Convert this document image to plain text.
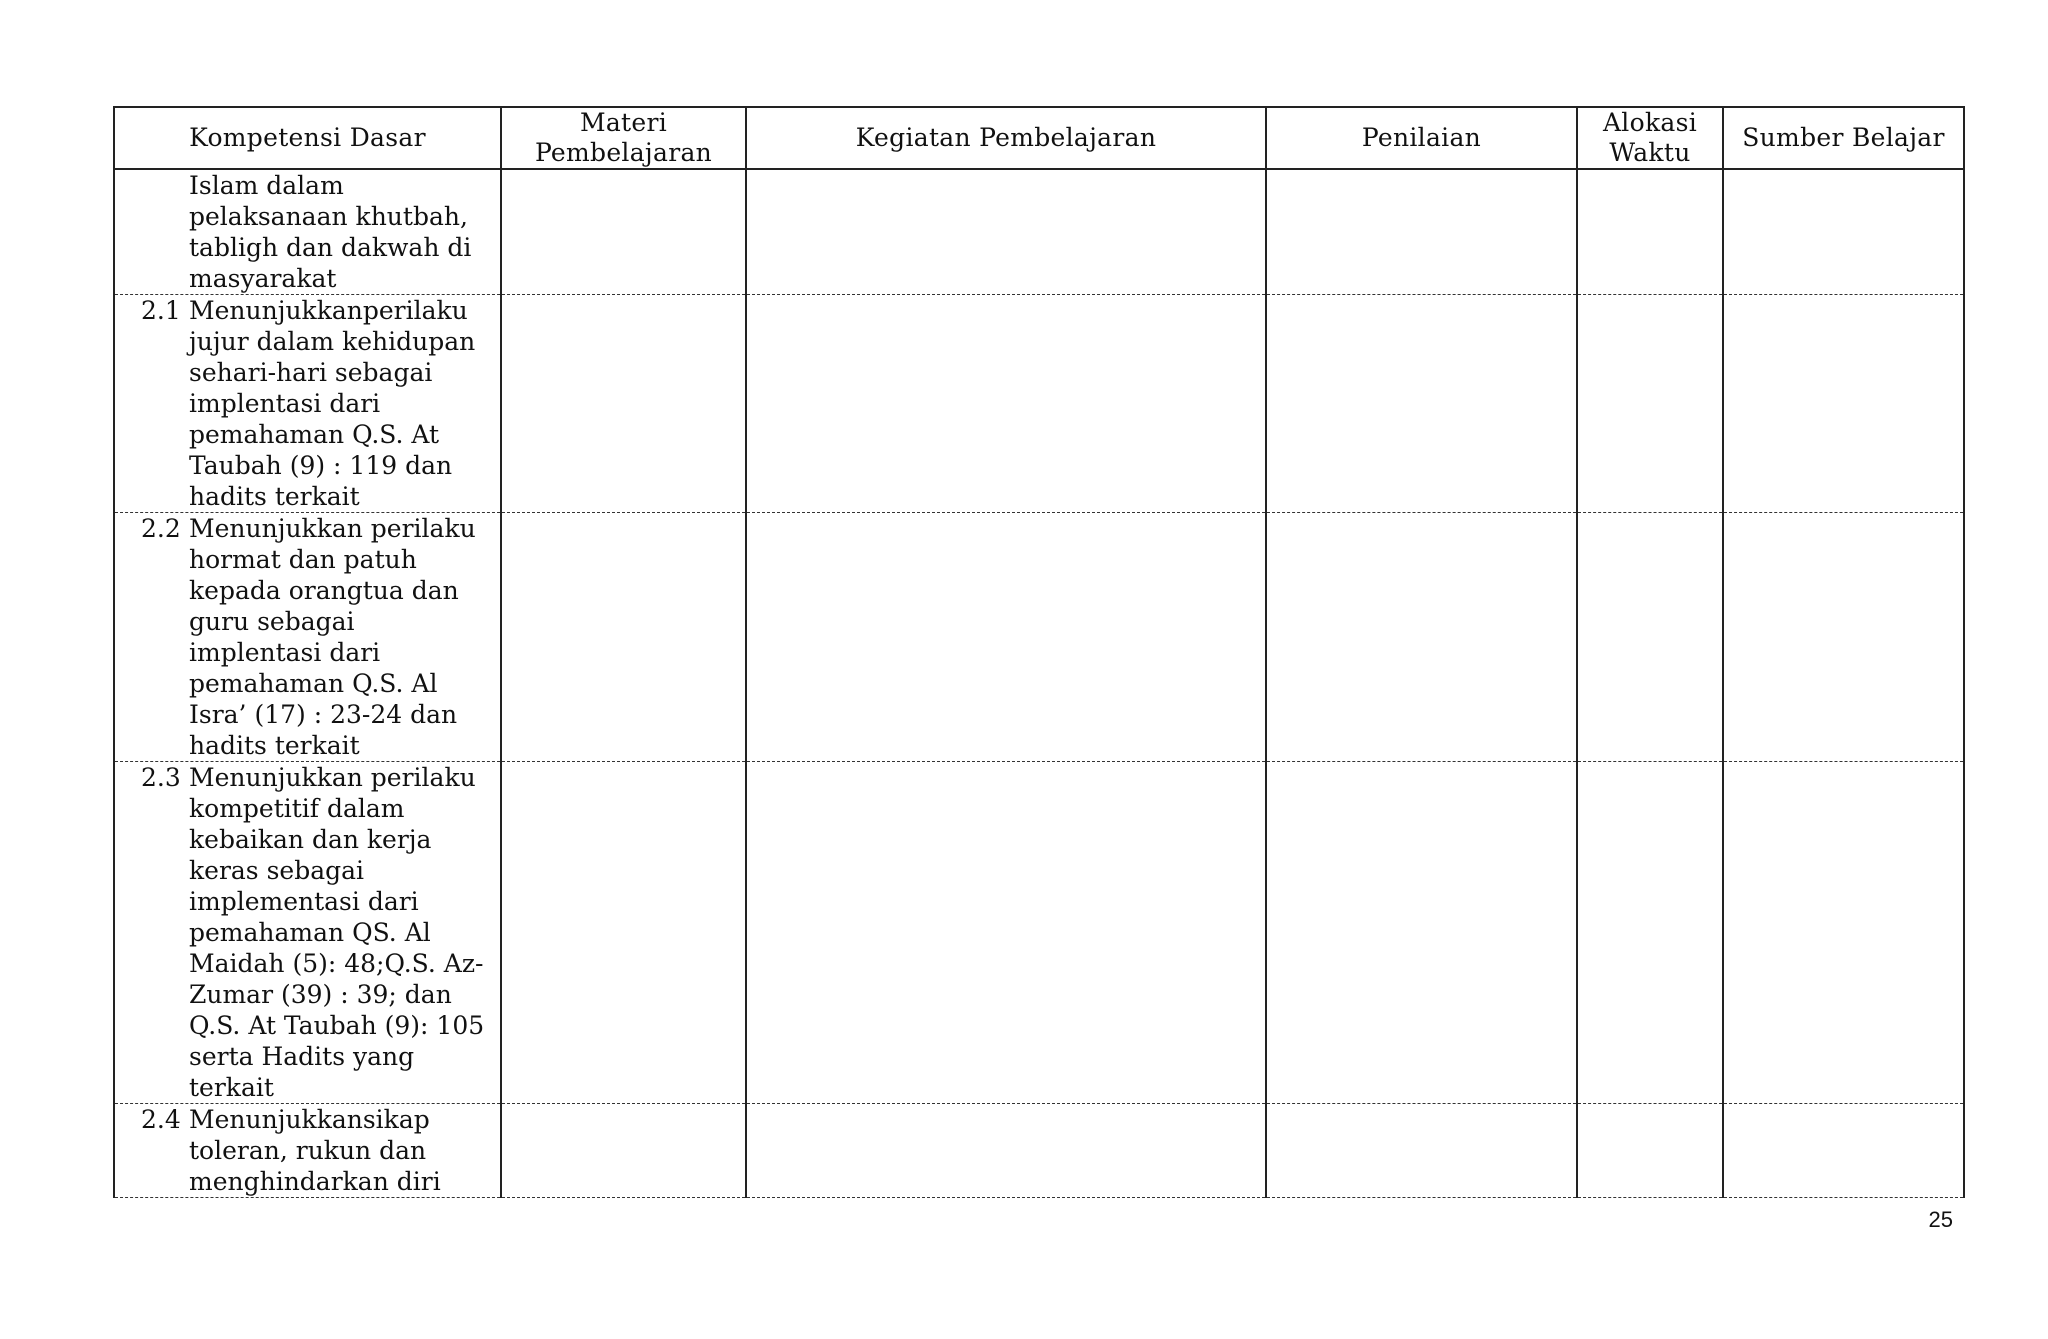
Kompetensi Dasar	Materi Pembelajaran	Kegiatan Pembelajaran	Penilaian	Alokasi Waktu	Sumber Belajar

Islam dalam pelaksanaan khutbah, tabligh dan dakwah di masyarakat					

2.1 Menunjukkanperilaku jujur dalam kehidupan sehari-hari sebagai implentasi dari pemahaman Q.S. At Taubah (9) : 119 dan hadits terkait					

2.2 Menunjukkan perilaku hormat dan patuh kepada orangtua dan guru sebagai implentasi dari pemahaman Q.S. Al Isra’ (17) : 23-24 dan hadits terkait					

2.3 Menunjukkan perilaku kompetitif dalam kebaikan dan kerja keras sebagai implementasi dari pemahaman QS. Al Maidah (5): 48;Q.S. Az-Zumar (39) : 39; dan Q.S. At Taubah (9): 105 serta Hadits yang terkait					

2.4 Menunjukkansikap toleran, rukun dan menghindarkan diri					

25
